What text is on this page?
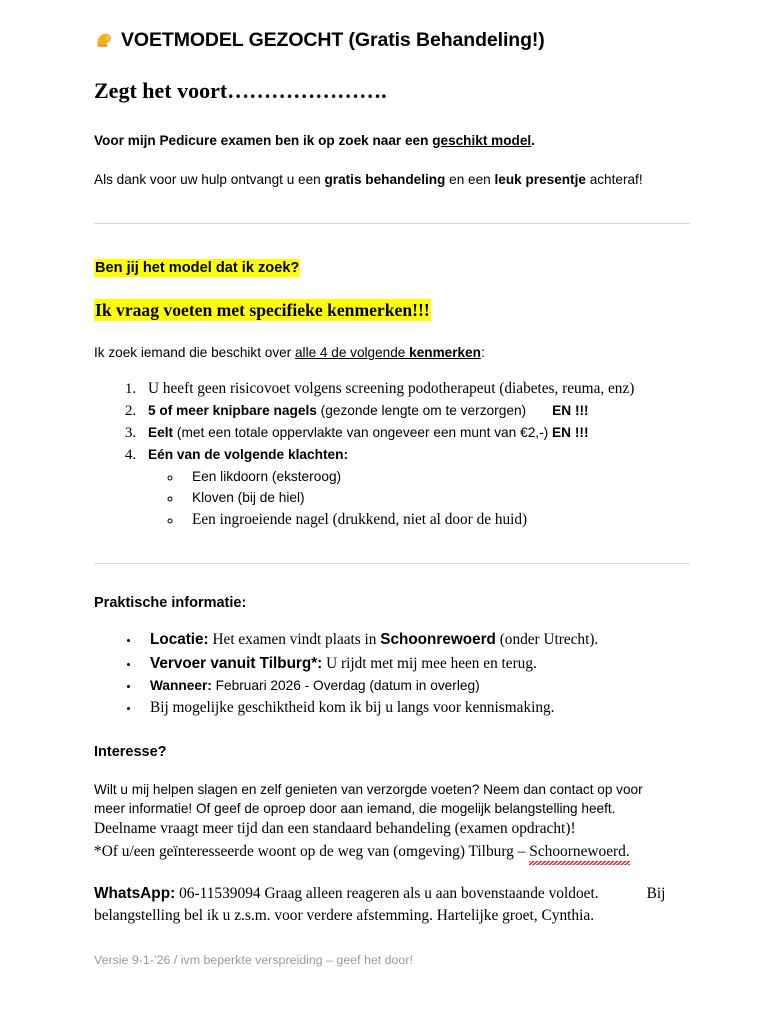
VOETMODEL GEZOCHT (Gratis Behandeling!)
Zegt het voort………………….

Voor mijn Pedicure examen ben ik op zoek naar een geschikt model.

Als dank voor uw hulp ontvangt u een gratis behandeling en een leuk presentje achteraf!

Ben jij het model dat ik zoek?

Ik vraag voeten met specifieke kenmerken!!!

Ik zoek iemand die beschikt over alle 4 de volgende kenmerken:

1. U heeft geen risicovoet volgens screening podotherapeut (diabetes, reuma, enz)
2. 5 of meer knipbare nagels (gezonde lengte om te verzorgen) EN !!!
3. Eelt (met een totale oppervlakte van ongeveer een munt van €2,-) EN !!!
4. Eén van de volgende klachten:
◦ Een likdoorn (eksteroog)
◦ Kloven (bij de hiel)
◦ Een ingroeiende nagel (drukkend, niet al door de huid)
Praktische informatie:
• Locatie: Het examen vindt plaats in Schoonrewoerd (onder Utrecht).
• Vervoer vanuit Tilburg*: U rijdt met mij mee heen en terug.
• Wanneer: Februari 2026 - Overdag (datum in overleg)
• Bij mogelijke geschiktheid kom ik bij u langs voor kennismaking.
Interesse?

Wilt u mij helpen slagen en zelf genieten van verzorgde voeten? Neem dan contact op voor

meer informatie! Of geef de oproep door aan iemand, die mogelijk belangstelling heeft.

Deelname vraagt meer tijd dan een standaard behandeling (examen opdracht)!

*Of u/een geïnteresseerde woont op de weg van (omgeving) Tilburg – Schoornewoerd.

WhatsApp: 06-11539094 Graag alleen reageren als u aan bovenstaande voldoet.	Bij

belangstelling bel ik u z.s.m. voor verdere afstemming. Hartelijke groet, Cynthia.

Versie 9-1-’26 / ivm beperkte verspreiding – geef het door!
